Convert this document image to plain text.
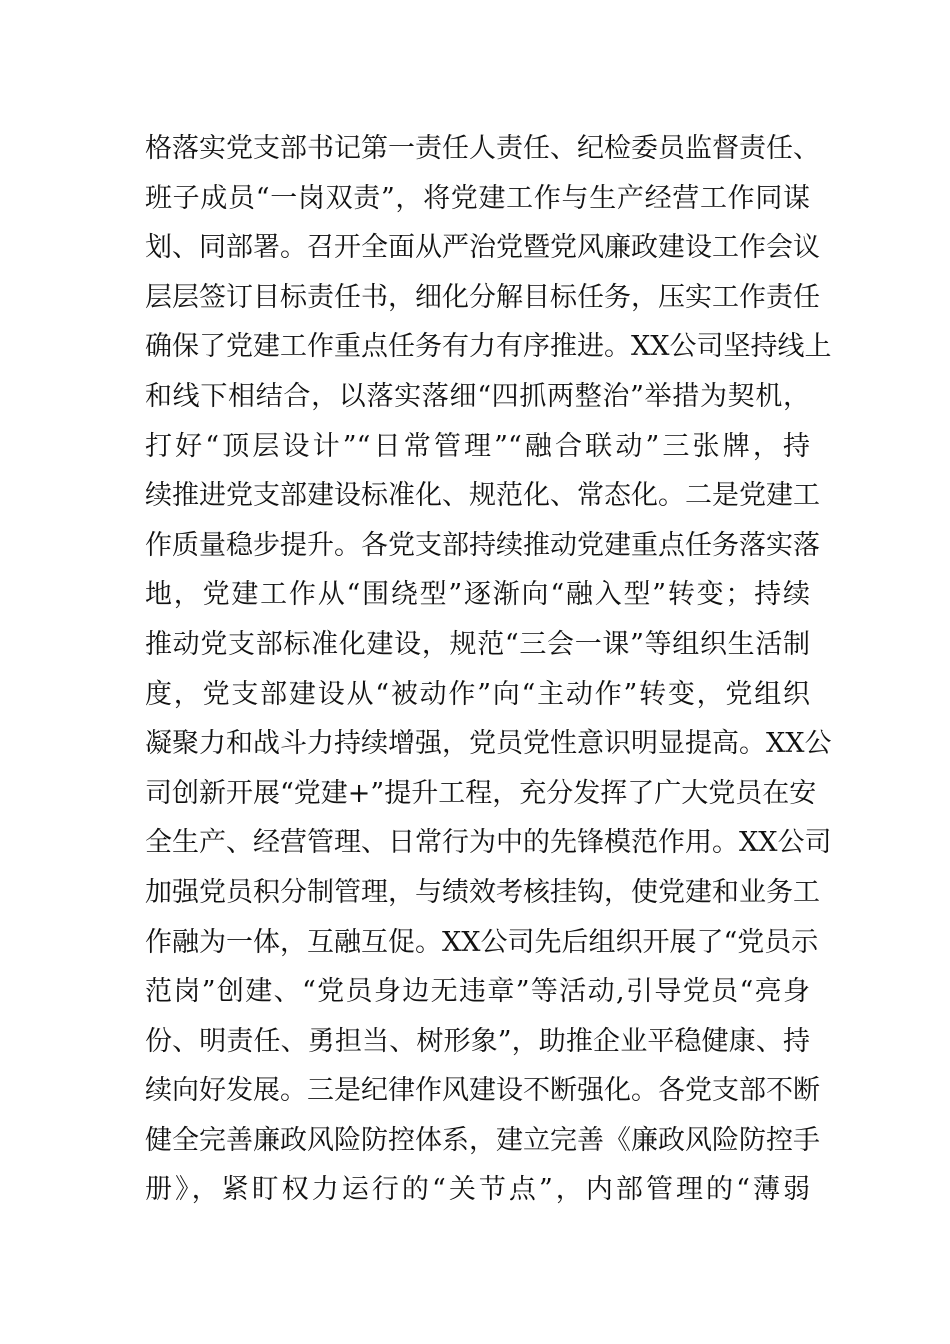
格落实党支部书记第一责任人责任、纪检委员监督责任、
班子成员“一岗双责”，将党建工作与生产经营工作同谋
划、同部署。召开全面从严治党暨党风廉政建设工作会议
层层签订目标责任书，细化分解目标任务，压实工作责任
确保了党建工作重点任务有力有序推进。XX公司坚持线上
和线下相结合，以落实落细“四抓两整治”举措为契机，
打好“顶层设计”“日常管理”“融合联动”三张牌，持
续推进党支部建设标准化、规范化、常态化。二是党建工
作质量稳步提升。各党支部持续推动党建重点任务落实落
地，党建工作从“围绕型”逐渐向“融入型”转变；持续
推动党支部标准化建设，规范“三会一课”等组织生活制
度，党支部建设从“被动作”向“主动作”转变，党组织
凝聚力和战斗力持续增强，党员党性意识明显提高。XX公
司创新开展“党建+”提升工程，充分发挥了广大党员在安
全生产、经营管理、日常行为中的先锋模范作用。XX公司
加强党员积分制管理，与绩效考核挂钩，使党建和业务工
作融为一体，互融互促。XX公司先后组织开展了“党员示
范岗”创建、“党员身边无违章”等活动,引导党员“亮身
份、明责任、勇担当、树形象”，助推企业平稳健康、持
续向好发展。三是纪律作风建设不断强化。各党支部不断
健全完善廉政风险防控体系，建立完善《廉政风险防控手
册》，紧盯权力运行的“关节点”，内部管理的“薄弱
